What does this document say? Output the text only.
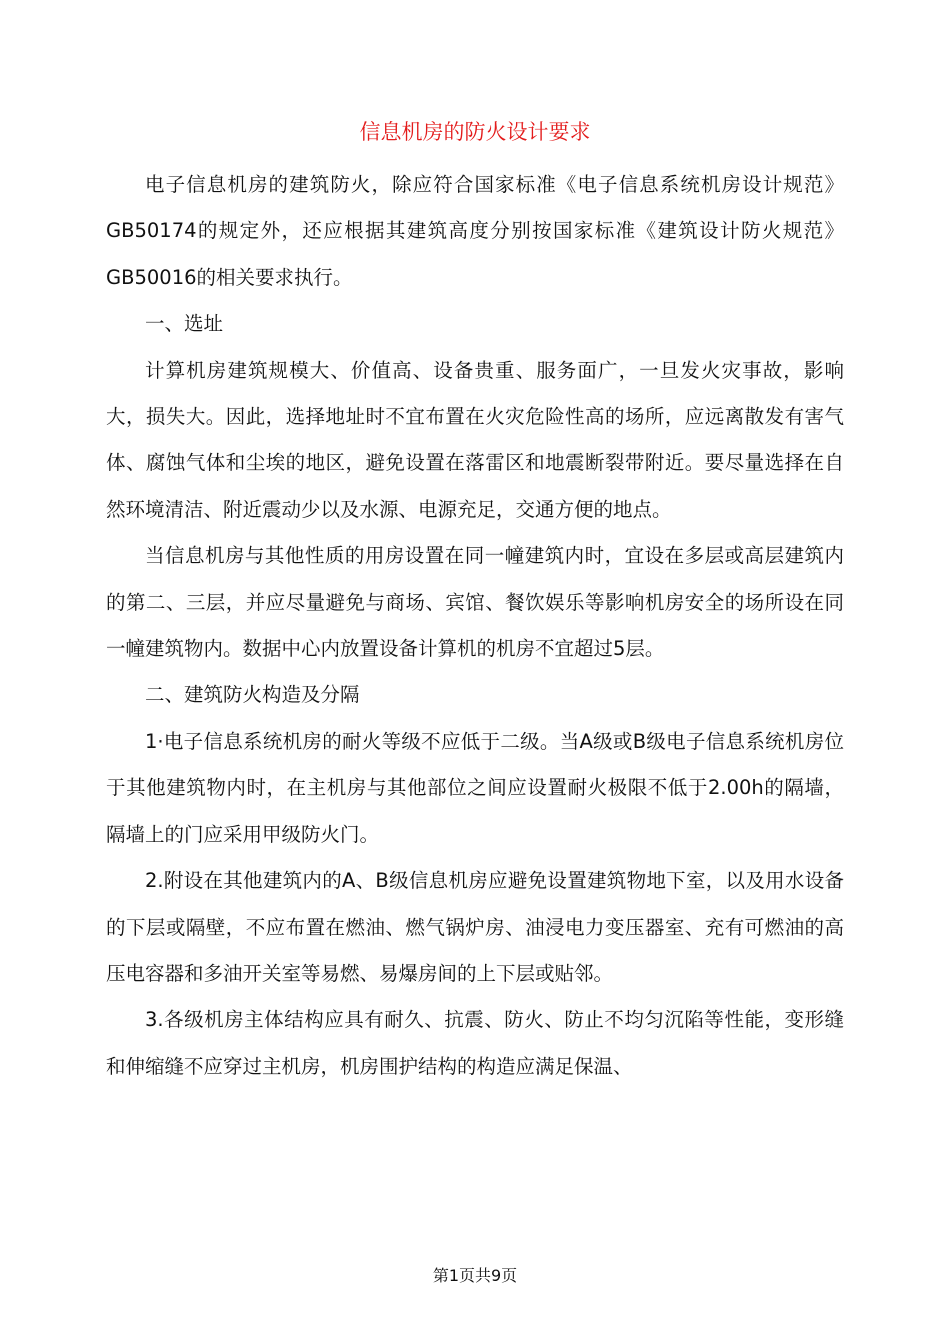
信息机房的防火设计要求

电子信息机房的建筑防火，除应符合国家标准《电子信息系统机房设计规范》GB50174的规定外，还应根据其建筑高度分别按国家标准《建筑设计防火规范》GB50016的相关要求执行。

一、选址

计算机房建筑规模大、价值高、设备贵重、服务面广，一旦发火灾事故，影响大，损失大。因此，选择地址时不宜布置在火灾危险性高的场所，应远离散发有害气体、腐蚀气体和尘埃的地区，避免设置在落雷区和地震断裂带附近。要尽量选择在自然环境清洁、附近震动少以及水源、电源充足，交通方便的地点。

当信息机房与其他性质的用房设置在同一幢建筑内时，宜设在多层或高层建筑内的第二、三层，并应尽量避免与商场、宾馆、餐饮娱乐等影响机房安全的场所设在同一幢建筑物内。数据中心内放置设备计算机的机房不宜超过5层。

二、建筑防火构造及分隔

1·电子信息系统机房的耐火等级不应低于二级。当A级或B级电子信息系统机房位于其他建筑物内时，在主机房与其他部位之间应设置耐火极限不低于2.00h的隔墙，隔墙上的门应采用甲级防火门。

2.附设在其他建筑内的A、B级信息机房应避免设置建筑物地下室，以及用水设备的下层或隔壁，不应布置在燃油、燃气锅炉房、油浸电力变压器室、充有可燃油的高压电容器和多油开关室等易燃、易爆房间的上下层或贴邻。

3.各级机房主体结构应具有耐久、抗震、防火、防止不均匀沉陷等性能，变形缝和伸缩缝不应穿过主机房，机房围护结构的构造应满足保温、

第1页共9页
